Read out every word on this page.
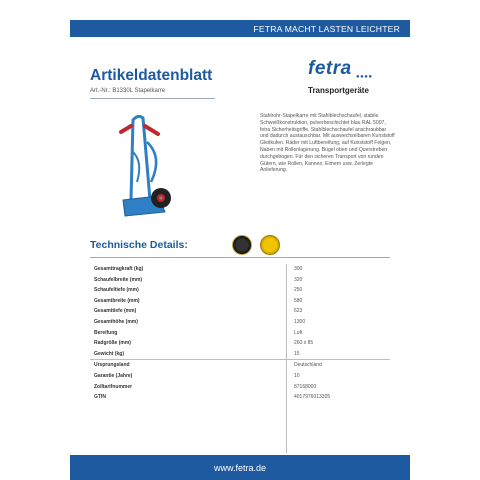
FETRA MACHT LASTEN LEICHTER
Artikeldatenblatt
Art.-Nr.: B1330L Stapelkarre
fetra ●●●●
Transportgeräte
Stahlrohr-Stapelkarre mit Stahlblechschaufel, stabile Schweißkonstruktion, pulverbeschichtet blau RAL 5007, fetra Sicherheitsgriffe. Stahlblechschaufel anschraubbar und dadurch austauschbar. Mit auswechselbaren Kunststoff Gleitkufen. Räder mit Luftbereifung, auf Kunststoff Felgen, Naben mit Rollenlagerung. Bügel oben und Querstreben durchgebogen. Für den sicheren Transport von runden Gütern, wie Rollen, Kannen, Eimern usw. Zerlegte Anlieferung.
Technische Details:
Gesamttragkraft (kg)	300
Schaufelbreite (mm)	320
Schaufeltiefe (mm)	250
Gesamtbreite (mm)	580
Gesamttiefe (mm)	623
Gesamthöhe (mm)	1300
Bereifung	Luft
Radgröße (mm)	260 x 85
Gewicht (kg)	15
Ursprungsland	Deutschland
Garantie (Jahre)	10
Zolltarifnummer	87168000
GTIN	4017976013305
www.fetra.de
